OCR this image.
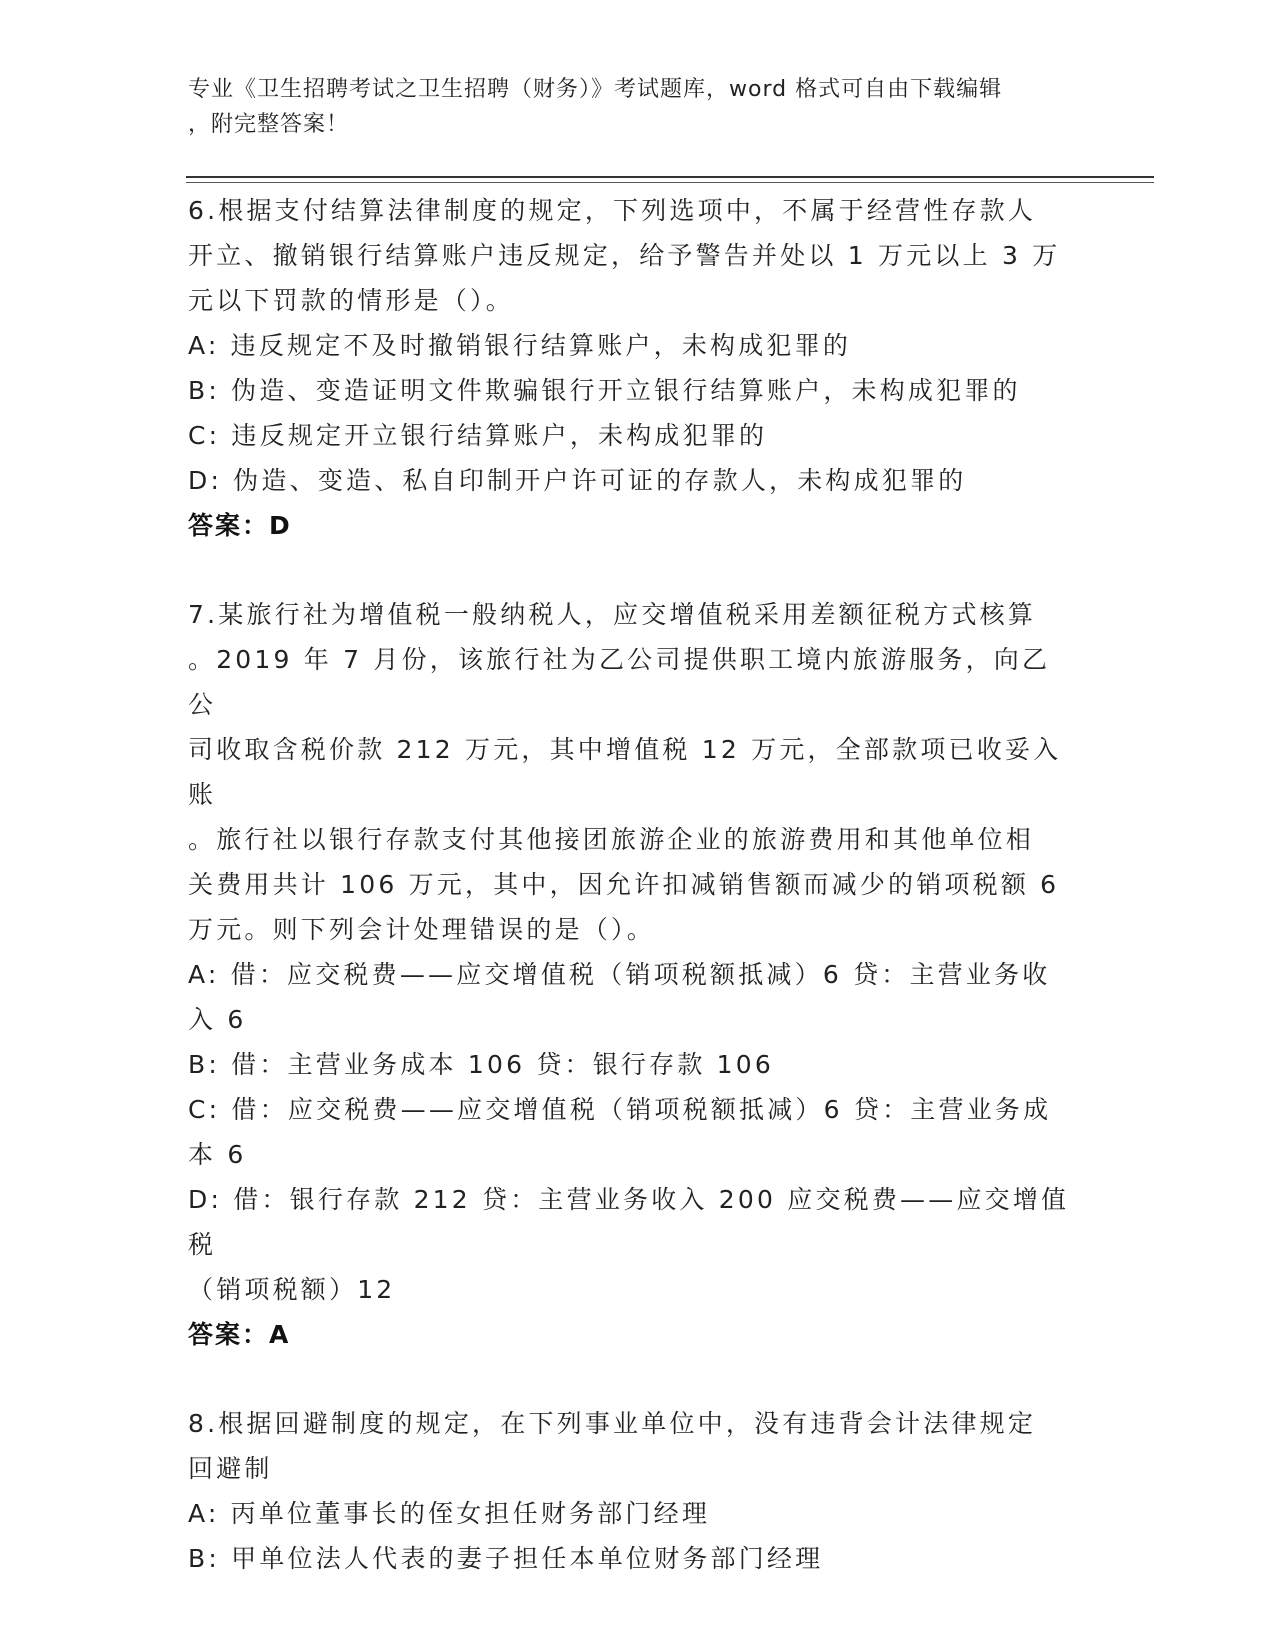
专业《卫生招聘考试之卫生招聘（财务）》考试题库，word 格式可自由下载编辑
，附完整答案！

6.根据支付结算法律制度的规定，下列选项中，不属于经营性存款人

开立、撤销银行结算账户违反规定，给予警告并处以 1 万元以上 3 万

元以下罚款的情形是（）。

A: 违反规定不及时撤销银行结算账户，未构成犯罪的

B: 伪造、变造证明文件欺骗银行开立银行结算账户，未构成犯罪的

C: 违反规定开立银行结算账户，未构成犯罪的

D: 伪造、变造、私自印制开户许可证的存款人，未构成犯罪的

答案：D

7.某旅行社为增值税一般纳税人，应交增值税采用差额征税方式核算

。2019 年 7 月份，该旅行社为乙公司提供职工境内旅游服务，向乙公

司收取含税价款 212 万元，其中增值税 12 万元，全部款项已收妥入账

。旅行社以银行存款支付其他接团旅游企业的旅游费用和其他单位相

关费用共计 106 万元，其中，因允许扣减销售额而减少的销项税额 6

万元。则下列会计处理错误的是（）。

A: 借：应交税费——应交增值税（销项税额抵减）6 贷：主营业务收

入 6

B: 借：主营业务成本 106 贷：银行存款 106

C: 借：应交税费——应交增值税（销项税额抵减）6 贷：主营业务成

本 6

D: 借：银行存款 212 贷：主营业务收入 200 应交税费——应交增值税

（销项税额）12

答案：A

8.根据回避制度的规定，在下列事业单位中，没有违背会计法律规定

回避制

A: 丙单位董事长的侄女担任财务部门经理

B: 甲单位法人代表的妻子担任本单位财务部门经理
